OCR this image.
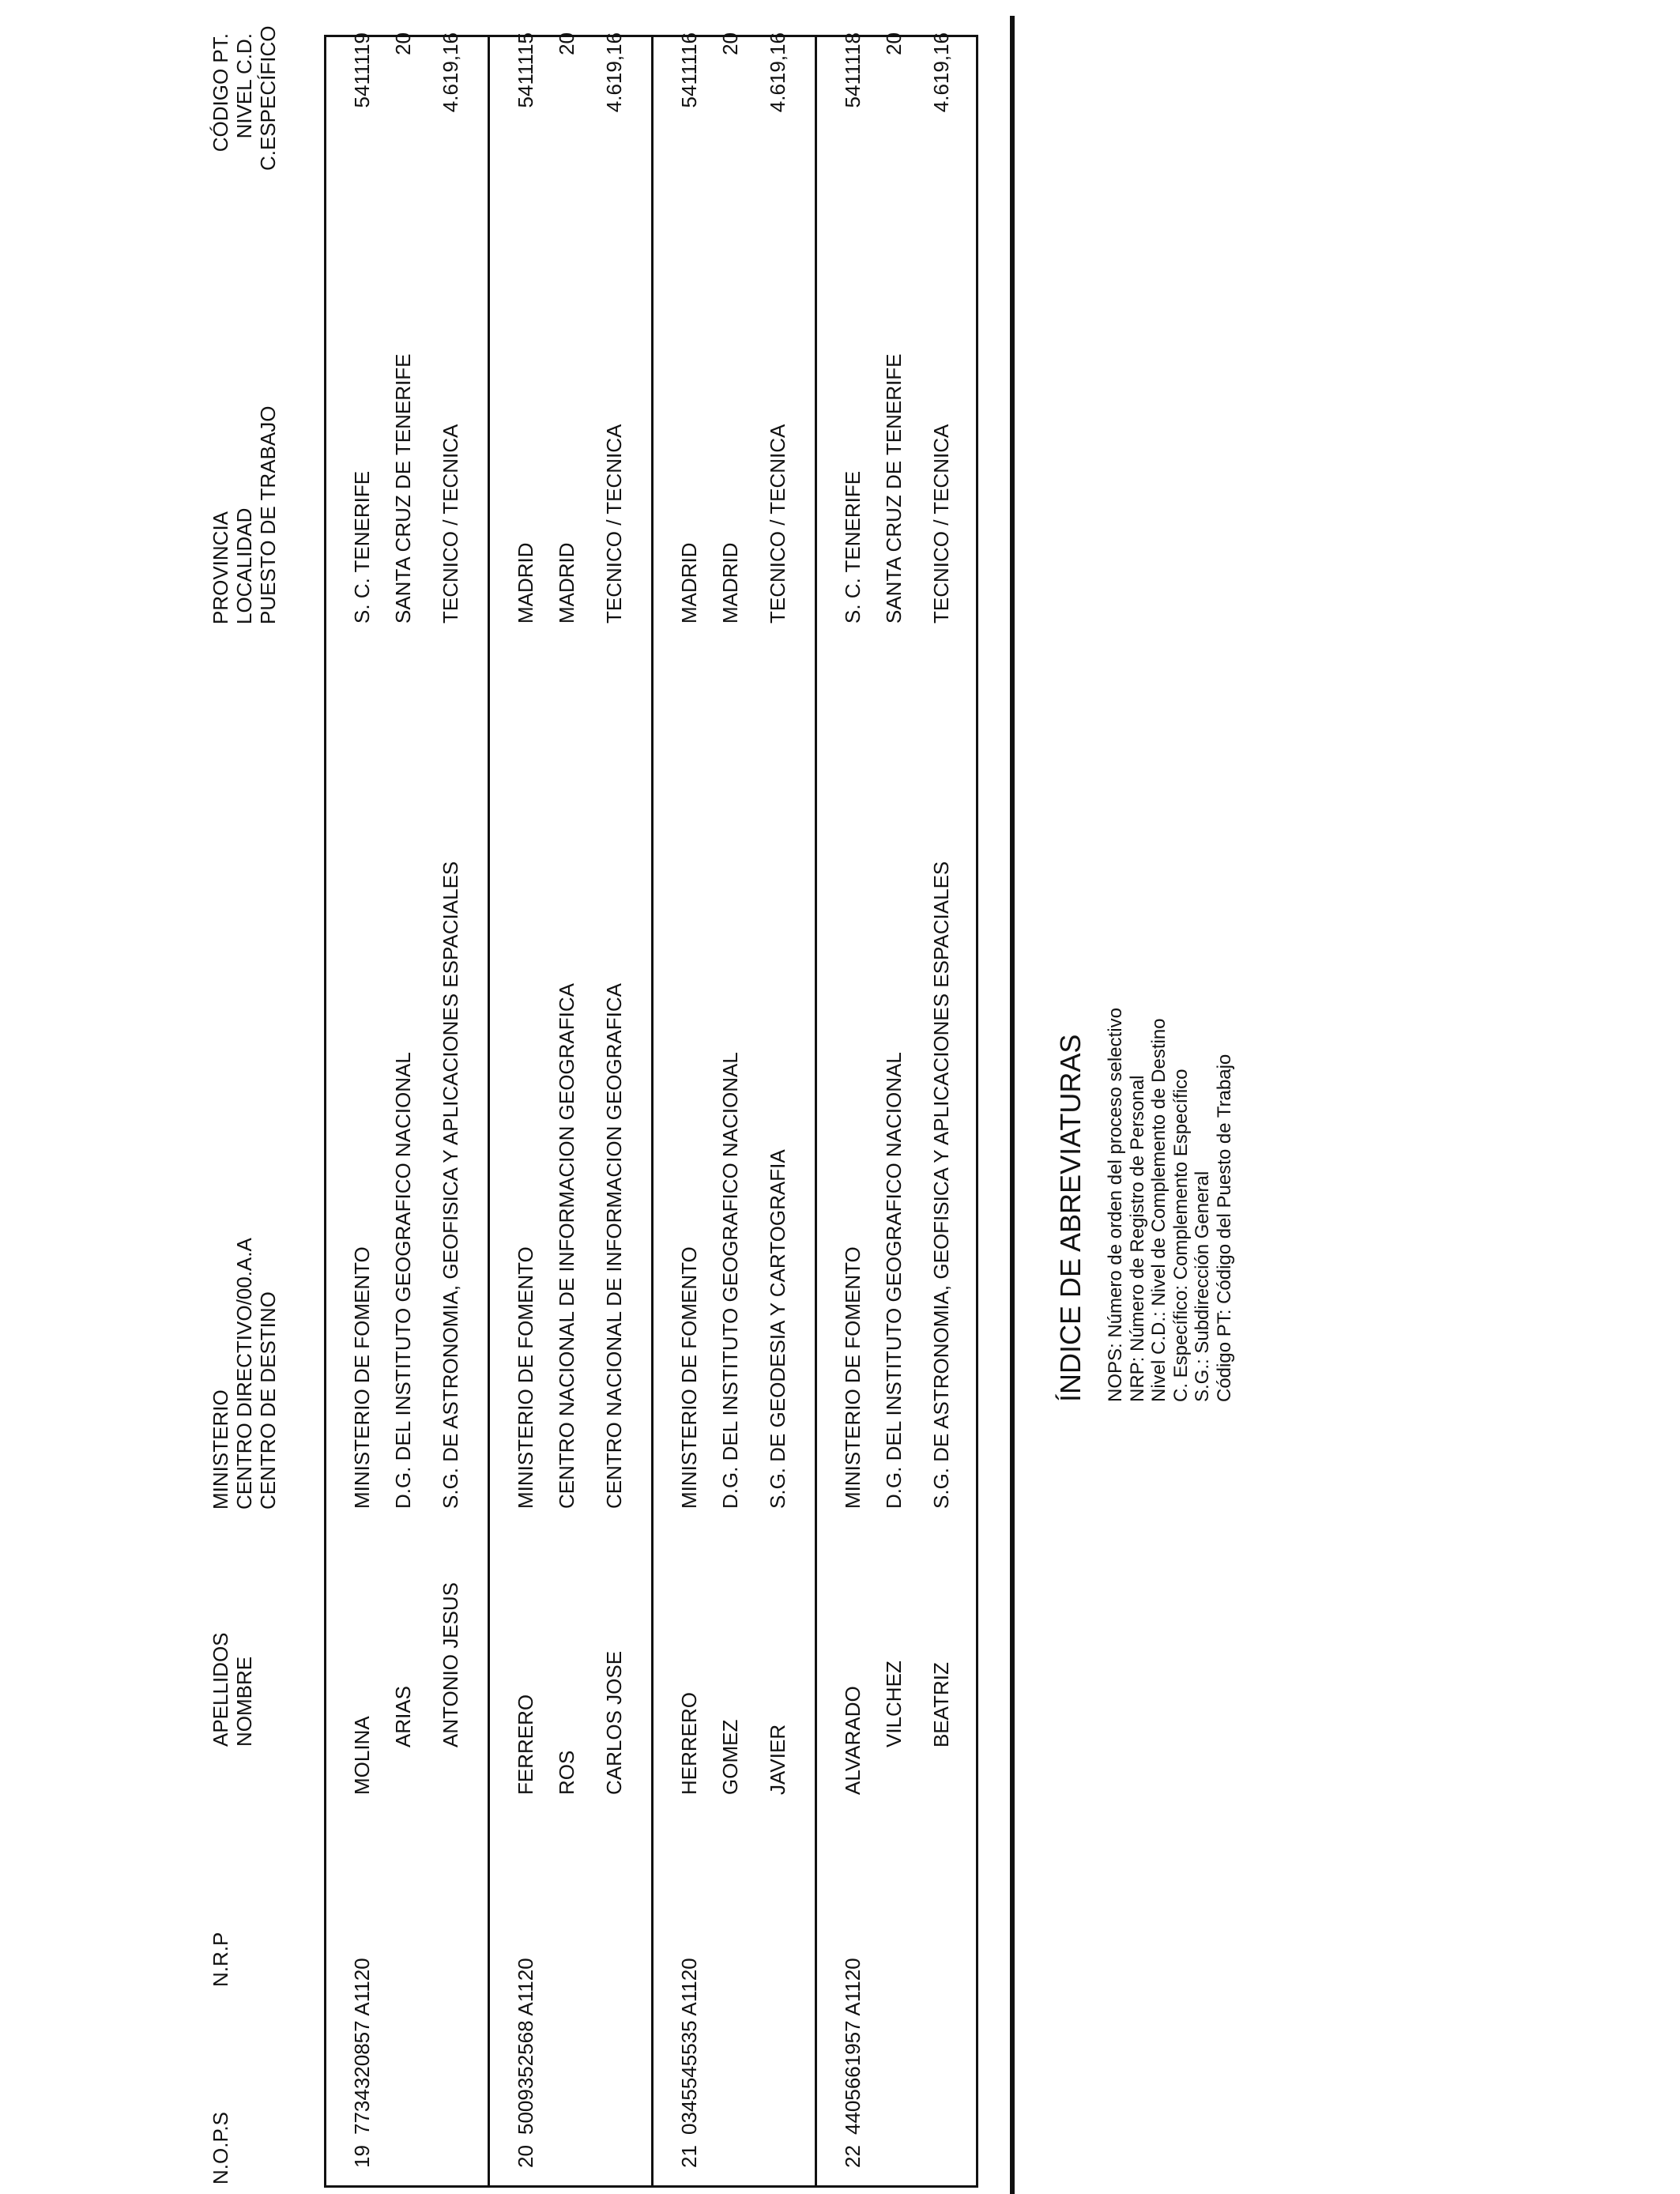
N.O.P.S
N.R.P
APELLIDOS
NOMBRE
MINISTERIO
CENTRO DIRECTIVO/00.A.A
CENTRO DE DESTINO
PROVINCIA
LOCALIDAD
PUESTO DE TRABAJO
CÓDIGO PT.
NIVEL C.D.
C.ESPECÍFICO
19
7734320857 A1120
MOLINA ARIAS ANTONIO JESUS
MINISTERIO DE FOMENTO D.G. DEL INSTITUTO GEOGRAFICO NACIONAL S.G. DE ASTRONOMIA, GEOFISICA Y APLICACIONES ESPACIALES
S. C. TENERIFE SANTA CRUZ DE TENERIFE TECNICO / TECNICA
5411119 20 4.619,16
20
5009352568 A1120
FERRERO ROS CARLOS JOSE
MINISTERIO DE FOMENTO CENTRO NACIONAL DE INFORMACION GEOGRAFICA CENTRO NACIONAL DE INFORMACION GEOGRAFICA
MADRID MADRID TECNICO / TECNICA
5411115 20 4.619,16
21
0345545535 A1120
HERRERO GOMEZ JAVIER
MINISTERIO DE FOMENTO D.G. DEL INSTITUTO GEOGRAFICO NACIONAL S.G. DE GEODESIA Y CARTOGRAFIA
MADRID MADRID TECNICO / TECNICA
5411116 20 4.619,16
22
4405661957 A1120
ALVARADO VILCHEZ BEATRIZ
MINISTERIO DE FOMENTO D.G. DEL INSTITUTO GEOGRAFICO NACIONAL S.G. DE ASTRONOMIA, GEOFISICA Y APLICACIONES ESPACIALES
S. C. TENERIFE SANTA CRUZ DE TENERIFE TECNICO / TECNICA
5411118 20 4.619,16
ÍNDICE DE ABREVIATURAS NOPS: Número de orden del proceso selectivo NRP: Número de Registro de Personal Nivel C.D.: Nivel de Complemento de Destino C. Específico: Complemento Específico S.G.: Subdirección General Código PT: Código del Puesto de Trabajo
